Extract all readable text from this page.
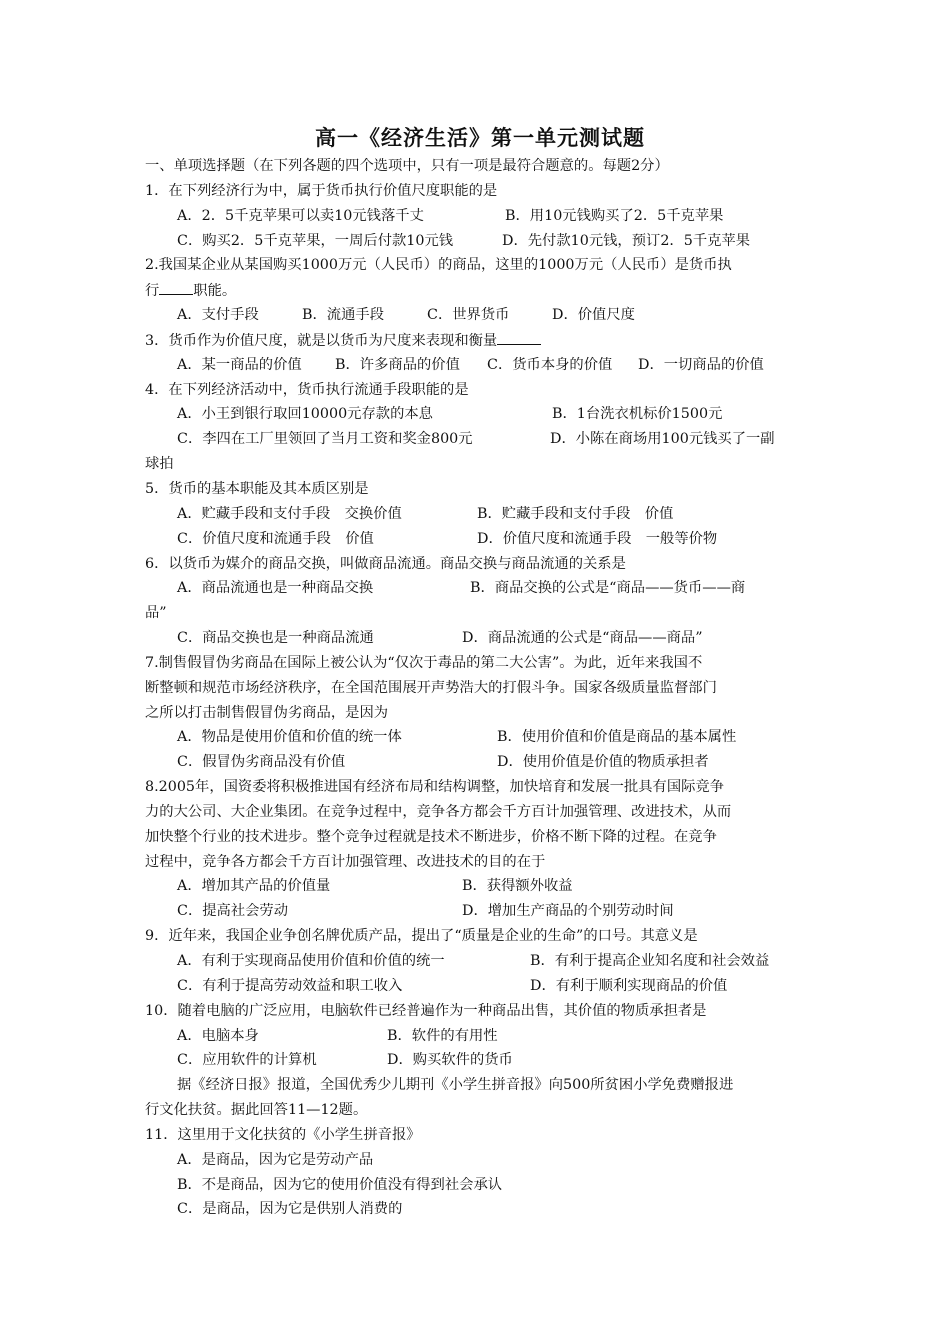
高一《经济生活》第一单元测试题
一、单项选择题（在下列各题的四个选项中，只有一项是最符合题意的。每题2分）
1．在下列经济行为中，属于货币执行价值尺度职能的是
A．2．5千克苹果可以卖10元钱落千丈	B．用10元钱购买了2．5千克苹果
C．购买2．5千克苹果，一周后付款10元钱	D．先付款10元钱，预订2．5千克苹果
2.我国某企业从某国购买1000万元（人民币）的商品，这里的1000万元（人民币）是货币执
行 职能。
A．支付手段	B．流通手段	C．世界货币	D．价值尺度
3．货币作为价值尺度，就是以货币为尺度来表现和衡量
A．某一商品的价值 B．许多商品的价值 C．货币本身的价值 D．一切商品的价值
4．在下列经济活动中，货币执行流通手段职能的是
A．小王到银行取回10000元存款的本息	B．1台洗衣机标价1500元
C．李四在工厂里领回了当月工资和奖金800元	D．小陈在商场用100元钱买了一副
球拍
5．货币的基本职能及其本质区别是
A．贮藏手段和支付手段　交换价值	B．贮藏手段和支付手段　价值
C．价值尺度和流通手段　价值	D．价值尺度和流通手段　一般等价物
6．以货币为媒介的商品交换，叫做商品流通。商品交换与商品流通的关系是
A．商品流通也是一种商品交换	B．商品交换的公式是“商品——货币——商
品”
C．商品交换也是一种商品流通	D．商品流通的公式是“商品——商品”
7.制售假冒伪劣商品在国际上被公认为“仅次于毒品的第二大公害”。为此，近年来我国不
断整顿和规范市场经济秩序，在全国范围展开声势浩大的打假斗争。国家各级质量监督部门
之所以打击制售假冒伪劣商品，是因为
A．物品是使用价值和价值的统一体	B．使用价值和价值是商品的基本属性
C．假冒伪劣商品没有价值	D．使用价值是价值的物质承担者
8.2005年，国资委将积极推进国有经济布局和结构调整，加快培育和发展一批具有国际竞争
力的大公司、大企业集团。在竞争过程中，竞争各方都会千方百计加强管理、改进技术，从而
加快整个行业的技术进步。整个竞争过程就是技术不断进步，价格不断下降的过程。在竞争
过程中，竞争各方都会千方百计加强管理、改进技术的目的在于
A．增加其产品的价值量	B．获得额外收益
C．提高社会劳动	D．增加生产商品的个别劳动时间
9．近年来，我国企业争创名牌优质产品，提出了“质量是企业的生命”的口号。其意义是
A．有利于实现商品使用价值和价值的统一	B．有利于提高企业知名度和社会效益
C．有利于提高劳动效益和职工收入	D．有利于顺利实现商品的价值
10．随着电脑的广泛应用，电脑软件已经普遍作为一种商品出售，其价值的物质承担者是
A．电脑本身	B．软件的有用性
C．应用软件的计算机	D．购买软件的货币
据《经济日报》报道，全国优秀少儿期刊《小学生拼音报》向500所贫困小学免费赠报进
行文化扶贫。据此回答11—12题。
11．这里用于文化扶贫的《小学生拼音报》
A．是商品，因为它是劳动产品
B．不是商品，因为它的使用价值没有得到社会承认
C．是商品，因为它是供别人消费的
